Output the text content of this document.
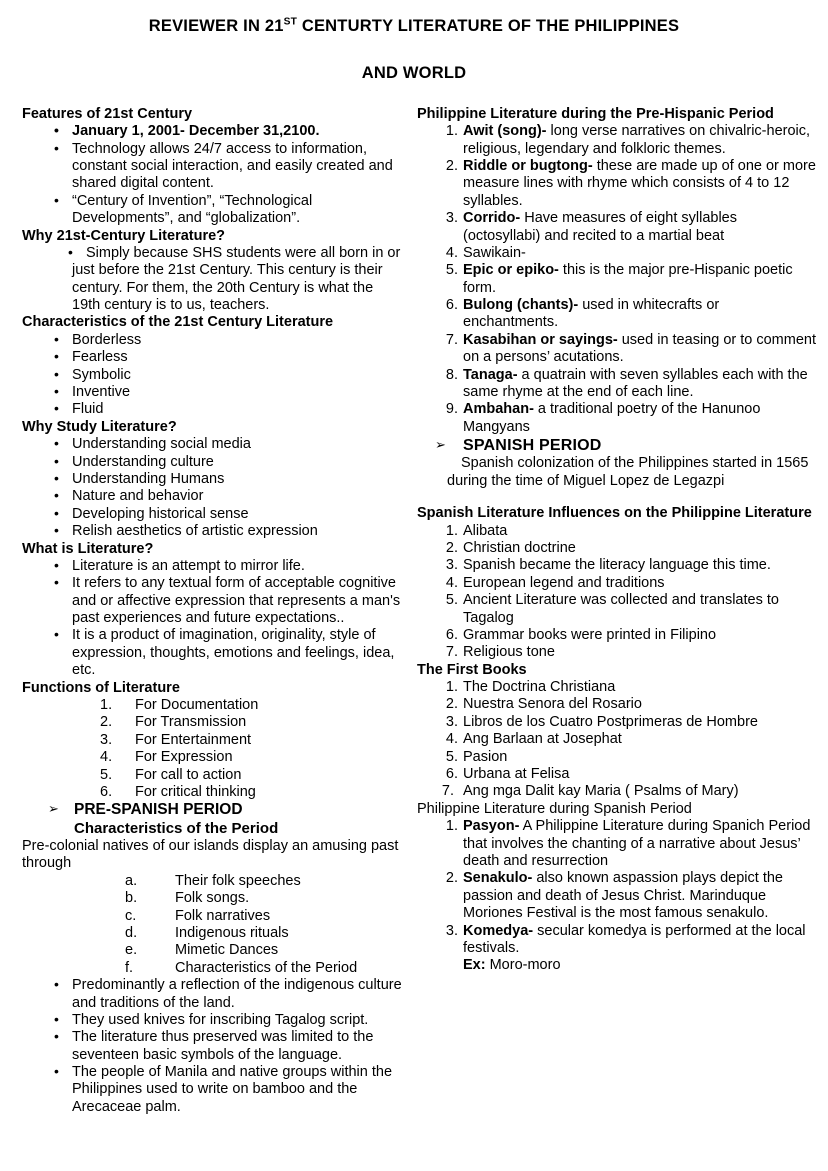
REVIEWER IN 21ST CENTURTY LITERATURE OF THE PHILIPPINES
AND WORLD
Features of 21st Century
• January 1, 2001- December 31,2100.
• Technology allows 24/7 access to information, constant social interaction, and easily created and shared digital content.
• “Century of Invention”, “Technological Developments”, and “globalization”.
Why 21st-Century Literature?
• Simply because SHS students were all born in or just before the 21st Century. This century is their century. For them, the 20th Century is what the 19th century is to us, teachers.
Characteristics of the 21st Century Literature
• Borderless
• Fearless
• Symbolic
• Inventive
• Fluid
Why Study Literature?
• Understanding social media
• Understanding culture
• Understanding Humans
• Nature and behavior
• Developing historical sense
• Relish aesthetics of artistic expression
What is Literature?
• Literature is an attempt to mirror life.
• It refers to any textual form of acceptable cognitive and or affective expression that represents a man's past experiences and future expectations..
• It is a product of imagination, originality, style of expression, thoughts, emotions and feelings, idea, etc.
Functions of Literature
For Documentation
For Transmission
For Entertainment
For Expression
For call to action
For critical thinking
➢ PRE-SPANISH PERIOD
Characteristics of the Period
Pre-colonial natives of our islands display an amusing past through
Their folk speeches
Folk songs.
Folk narratives
Indigenous rituals
Mimetic Dances
Characteristics of the Period
• Predominantly a reflection of the indigenous culture and traditions of the land.
• They used knives for inscribing Tagalog script.
• The literature thus preserved was limited to the seventeen basic symbols of the language.
• The people of Manila and native groups within the Philippines used to write on bamboo and the Arecaceae palm.
Philippine Literature during the Pre-Hispanic Period
Awit (song)- long verse narratives on chivalric-heroic, religious, legendary and folkloric themes.
Riddle or bugtong- these are made up of one or more measure lines with rhyme which consists of 4 to 12 syllables.
Corrido- Have measures of eight syllables (octosyllabi) and recited to a martial beat
Sawikain-
Epic or epiko- this is the major pre-Hispanic poetic form.
Bulong (chants)- used in whitecrafts or enchantments.
Kasabihan or sayings- used in teasing or to comment on a persons’ acutations.
Tanaga- a quatrain with seven syllables each with the same rhyme at the end of each line.
Ambahan- a traditional poetry of the Hanunoo Mangyans
➢ SPANISH PERIOD
Spanish colonization of the Philippines started in 1565 during the time of Miguel Lopez de Legazpi
Spanish Literature Influences on the Philippine Literature
Alibata
Christian doctrine
Spanish became the literacy language this time.
European legend and traditions
Ancient Literature was collected and translates to Tagalog
Grammar books were printed in Filipino
Religious tone
The First Books
The Doctrina Christiana
Nuestra Senora del Rosario
Libros de los Cuatro Postprimeras de Hombre
Ang Barlaan at Josephat
Pasion
Urbana at Felisa
Ang mga Dalit kay Maria ( Psalms of Mary)
Philippine Literature during Spanish Period
Pasyon- A Philippine Literature during Spanich Period that involves the chanting of a narrative about Jesus’ death and resurrection
Senakulo- also known aspassion plays depict the passion and death of Jesus Christ. Marinduque Moriones Festival is the most famous senakulo.
Komedya- secular komedya is performed at the local festivals.
Ex: Moro-moro
